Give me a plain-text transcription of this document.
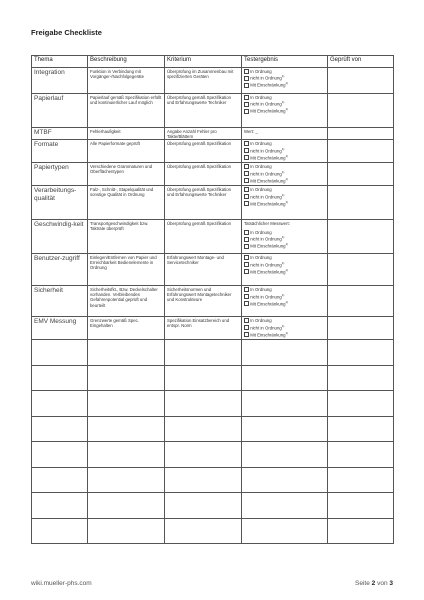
Freigabe Checkliste
Thema	Beschreibung	Kriterium	Testergebnis	Geprüft von

Integration	Funktion in Verbindung mit Vorgänger-/Nachfolgegeräte	Überprüfung im Zusammenbau mit spezifizierten Geräten	In Ordnung
nicht in Ordnung$^{1)}$
Mit Einschränkung$^{1)}$

Papierlauf	Papierlauf gemäß Spezifikation erfüllt und kontinuierlicher Lauf möglich	Überprüfung gemäß Spezifikation und Erfahrungswerte Techniker	In Ordnung
nicht in Ordnung$^{1)}$
Mit Einschränkung$^{1)}$

MTBF	Fehlerhaufigkeit	Angabe Anzahl Fehler pro Takte/Blättern	Wert: _	

Formate	Alle Papierformate geprüft	Überprüfung gemäß Spezifikation	In Ordnung
nicht in Ordnung$^{1)}$
Mit Einschränkung$^{1)}$

Papiertypen	Verschiedene Grammaturen und Oberflächentypen	Überprüfung gemäß Spezifikation	In Ordnung
nicht in Ordnung$^{1)}$
Mit Einschränkung$^{1)}$

Verarbeitungs-qualität	Falz-, Schnitt-, Stapelqualität und sonstige Qualität in Ordnung	Überprüfung gemäß Spezifikation und Erfahrungswerte Techniker	In Ordnung
nicht in Ordnung$^{1)}$
Mit Einschränkung$^{1)}$

Geschwindig-keit	Transportgeschwindigkeit bzw. Taktrate überprüft	Überprüfung gemäß Spezifikation	Tatsächlicher Messwert:
In Ordnung
nicht in Ordnung$^{1)}$
Mit Einschränkung$^{1)}$

Benutzer-zugriff	Einlegen/Entfernen von Papier und Erreichbarkeit Bedienelemente in Ordnung	Erfahrungswert Montage- und Servicetechniker	In Ordnung
nicht in Ordnung$^{1)}$
Mit Einschränkung$^{1)}$

Sicherheit	Sicherheitsfkt., Bzw. Deckelschalter vorhanden. Verbleibendes Gefahrenpotential geprüft und beurteilt	Sicherheitsnormen und Erfahrungswert Montagetechniker und Konstrukteure	In Ordnung
nicht in Ordnung$^{1)}$
Mit Einschränkung$^{1)}$

EMV Messung	Grenzwerte gemäß Spec. Eingehalten	Spezifikation Einsatzbereich und entspr. Norm	In Ordnung
nicht in Ordnung$^{1)}$
Mit Einschränkung$^{1)}$

wiki.mueller-phs.com	Seite 2 von 3
